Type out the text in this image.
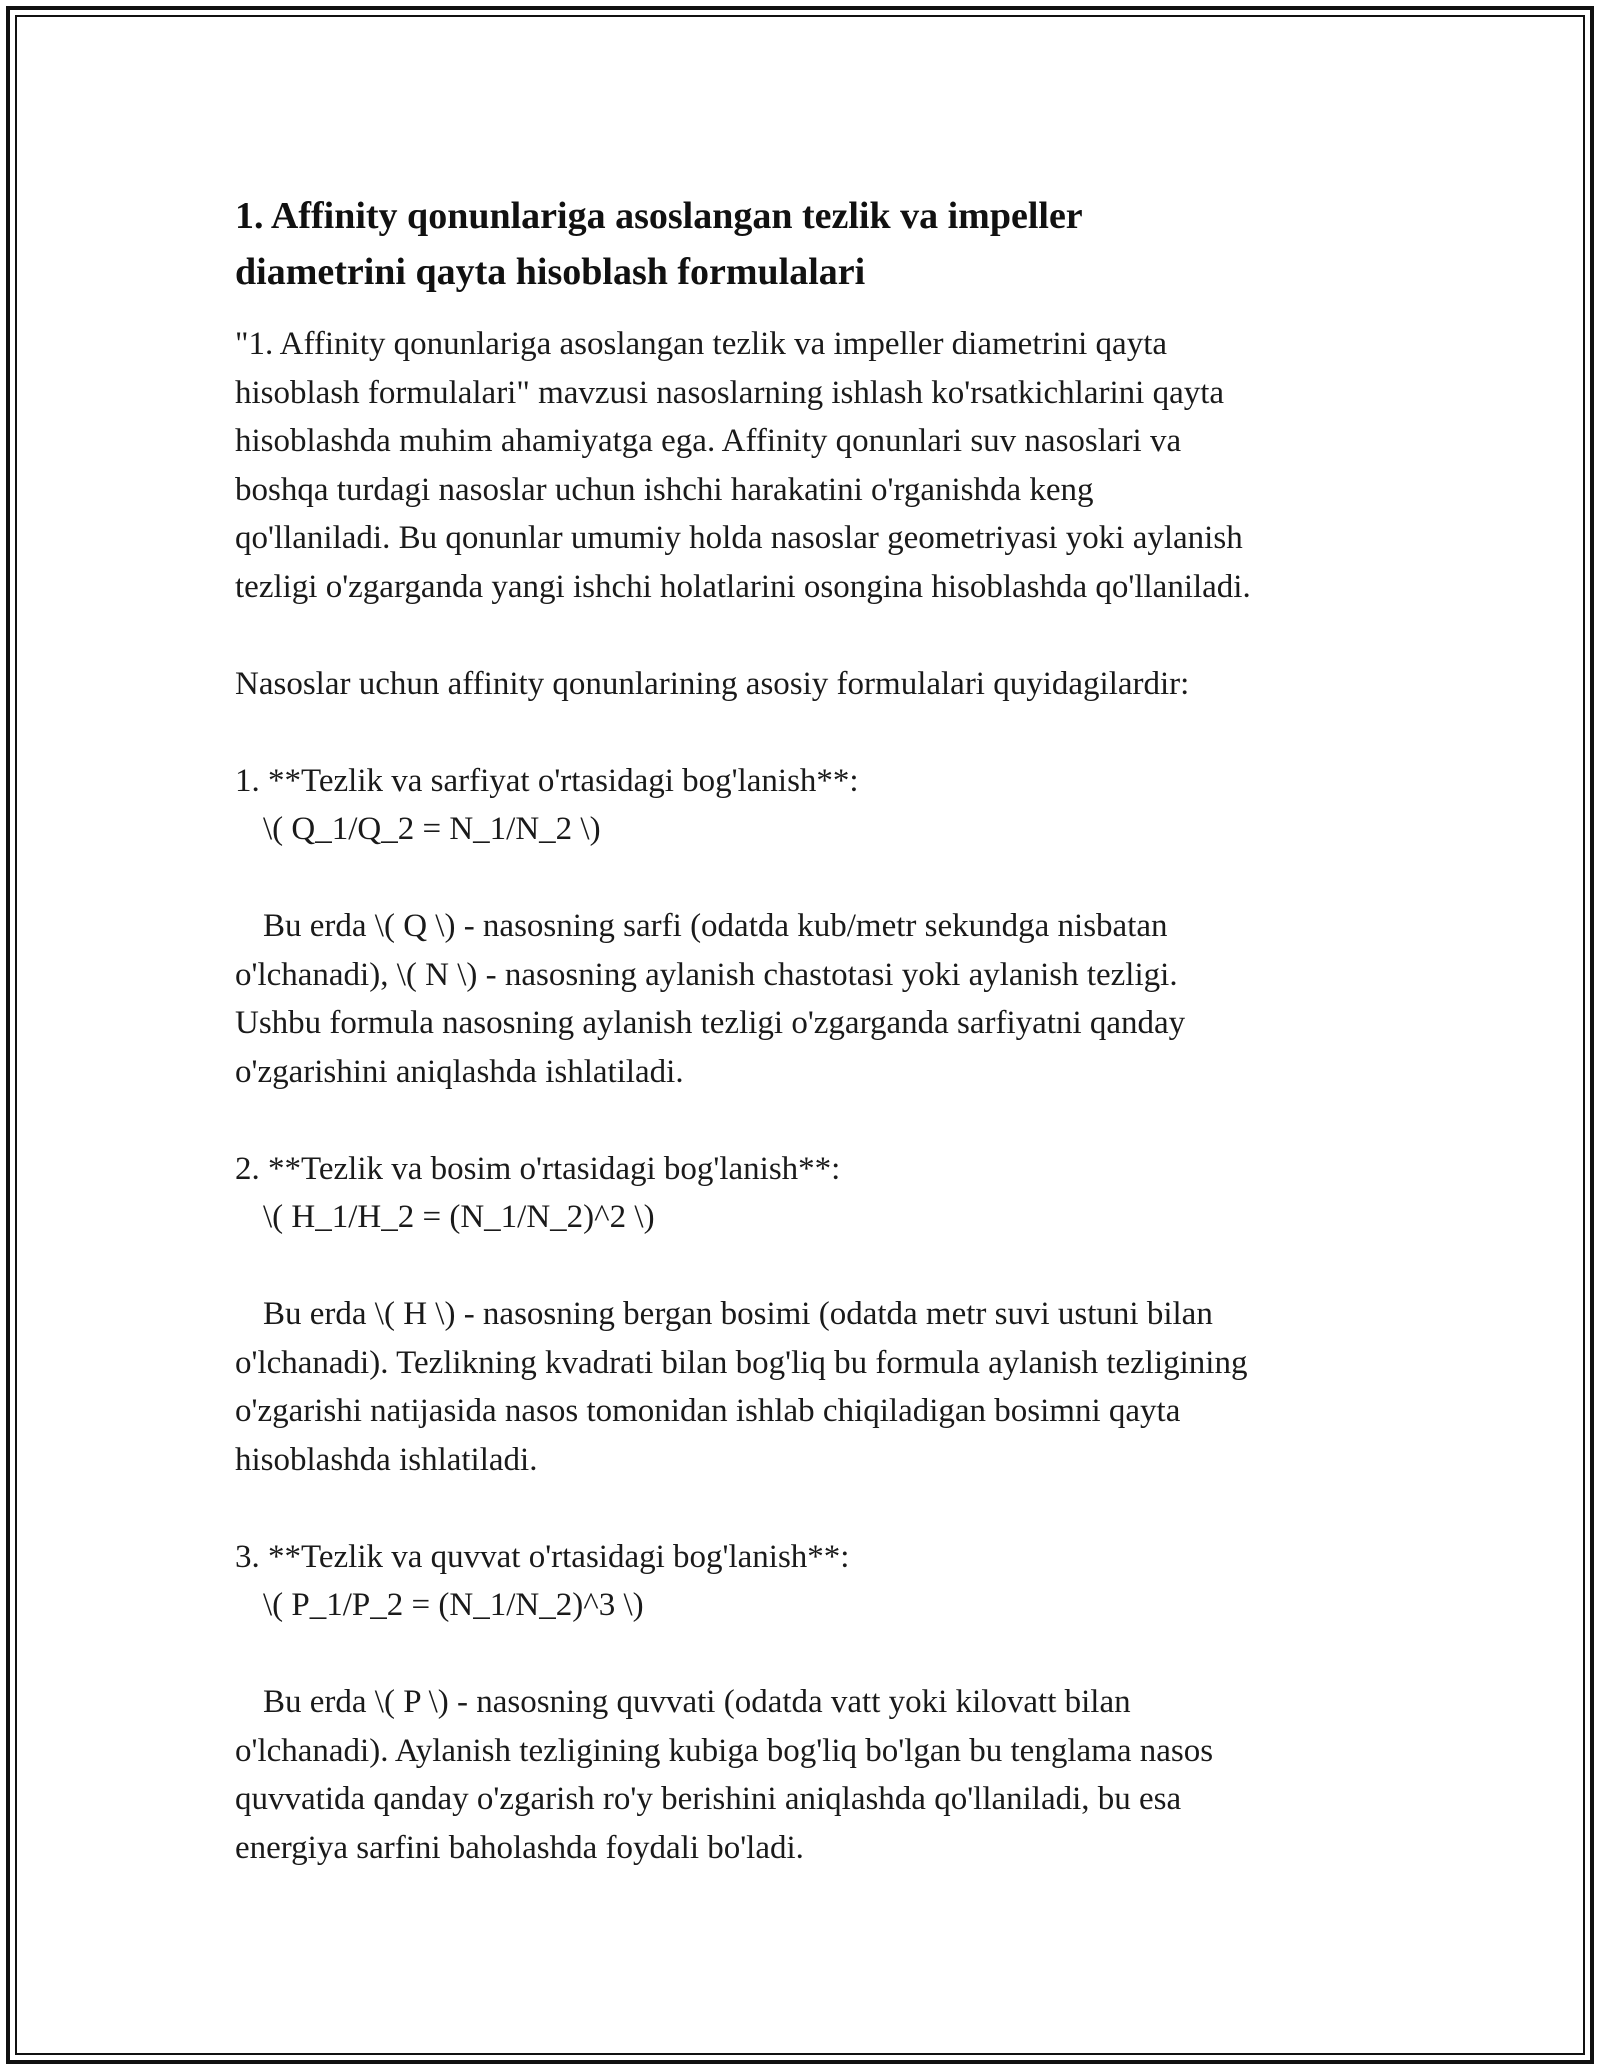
1. Affinity qonunlariga asoslangan tezlik va impeller
diametrini qayta hisoblash formulalari
"1. Affinity qonunlariga asoslangan tezlik va impeller diametrini qayta
hisoblash formulalari" mavzusi nasoslarning ishlash ko'rsatkichlarini qayta
hisoblashda muhim ahamiyatga ega. Affinity qonunlari suv nasoslari va
boshqa turdagi nasoslar uchun ishchi harakatini o'rganishda keng
qo'llaniladi. Bu qonunlar umumiy holda nasoslar geometriyasi yoki aylanish
tezligi o'zgarganda yangi ishchi holatlarini osongina hisoblashda qo'llaniladi.
Nasoslar uchun affinity qonunlarining asosiy formulalari quyidagilardir:
1. **Tezlik va sarfiyat o'rtasidagi bog'lanish**:
\( Q_1/Q_2 = N_1/N_2 \)
Bu erda \( Q \) - nasosning sarfi (odatda kub/metr sekundga nisbatan
o'lchanadi), \( N \) - nasosning aylanish chastotasi yoki aylanish tezligi.
Ushbu formula nasosning aylanish tezligi o'zgarganda sarfiyatni qanday
o'zgarishini aniqlashda ishlatiladi.
2. **Tezlik va bosim o'rtasidagi bog'lanish**:
\( H_1/H_2 = (N_1/N_2)^2 \)
Bu erda \( H \) - nasosning bergan bosimi (odatda metr suvi ustuni bilan
o'lchanadi). Tezlikning kvadrati bilan bog'liq bu formula aylanish tezligining
o'zgarishi natijasida nasos tomonidan ishlab chiqiladigan bosimni qayta
hisoblashda ishlatiladi.
3. **Tezlik va quvvat o'rtasidagi bog'lanish**:
\( P_1/P_2 = (N_1/N_2)^3 \)
Bu erda \( P \) - nasosning quvvati (odatda vatt yoki kilovatt bilan
o'lchanadi). Aylanish tezligining kubiga bog'liq bo'lgan bu tenglama nasos
quvvatida qanday o'zgarish ro'y berishini aniqlashda qo'llaniladi, bu esa
energiya sarfini baholashda foydali bo'ladi.
